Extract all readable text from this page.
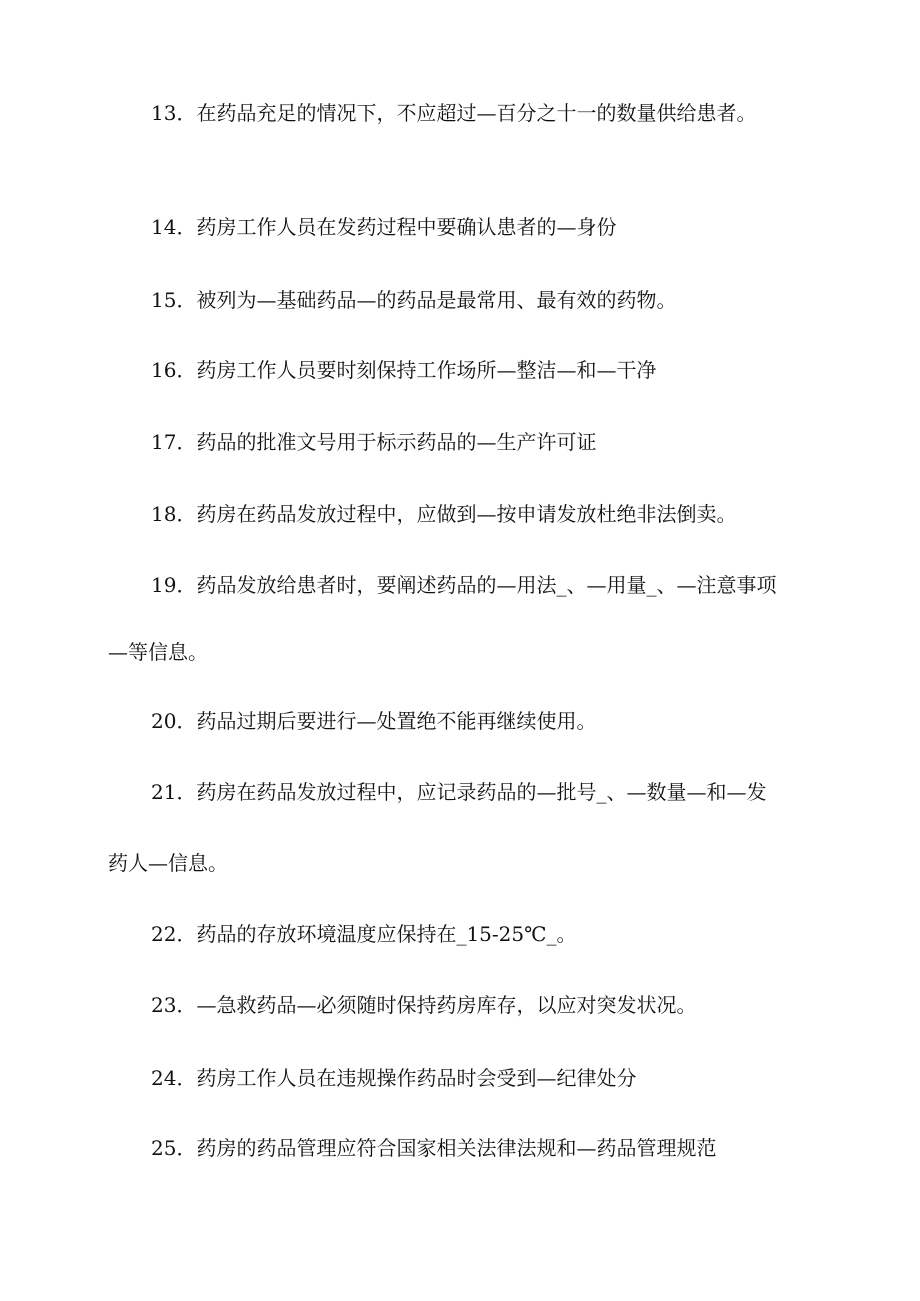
13．在药品充足的情况下，不应超过—百分之十一的数量供给患者。
14．药房工作人员在发药过程中要确认患者的—身份
15．被列为—基础药品—的药品是最常用、最有效的药物。
16．药房工作人员要时刻保持工作场所—整洁—和—干净
17．药品的批准文号用于标示药品的—生产许可证
18．药房在药品发放过程中，应做到—按申请发放杜绝非法倒卖。
19．药品发放给患者时，要阐述药品的—用法_、—用量_、—注意事项
—等信息。
20．药品过期后要进行—处置绝不能再继续使用。
21．药房在药品发放过程中，应记录药品的—批号_、—数量—和—发
药人—信息。
22．药品的存放环境温度应保持在_15-25℃_。
23．—急救药品—必须随时保持药房库存，以应对突发状况。
24．药房工作人员在违规操作药品时会受到—纪律处分
25．药房的药品管理应符合国家相关法律法规和—药品管理规范
